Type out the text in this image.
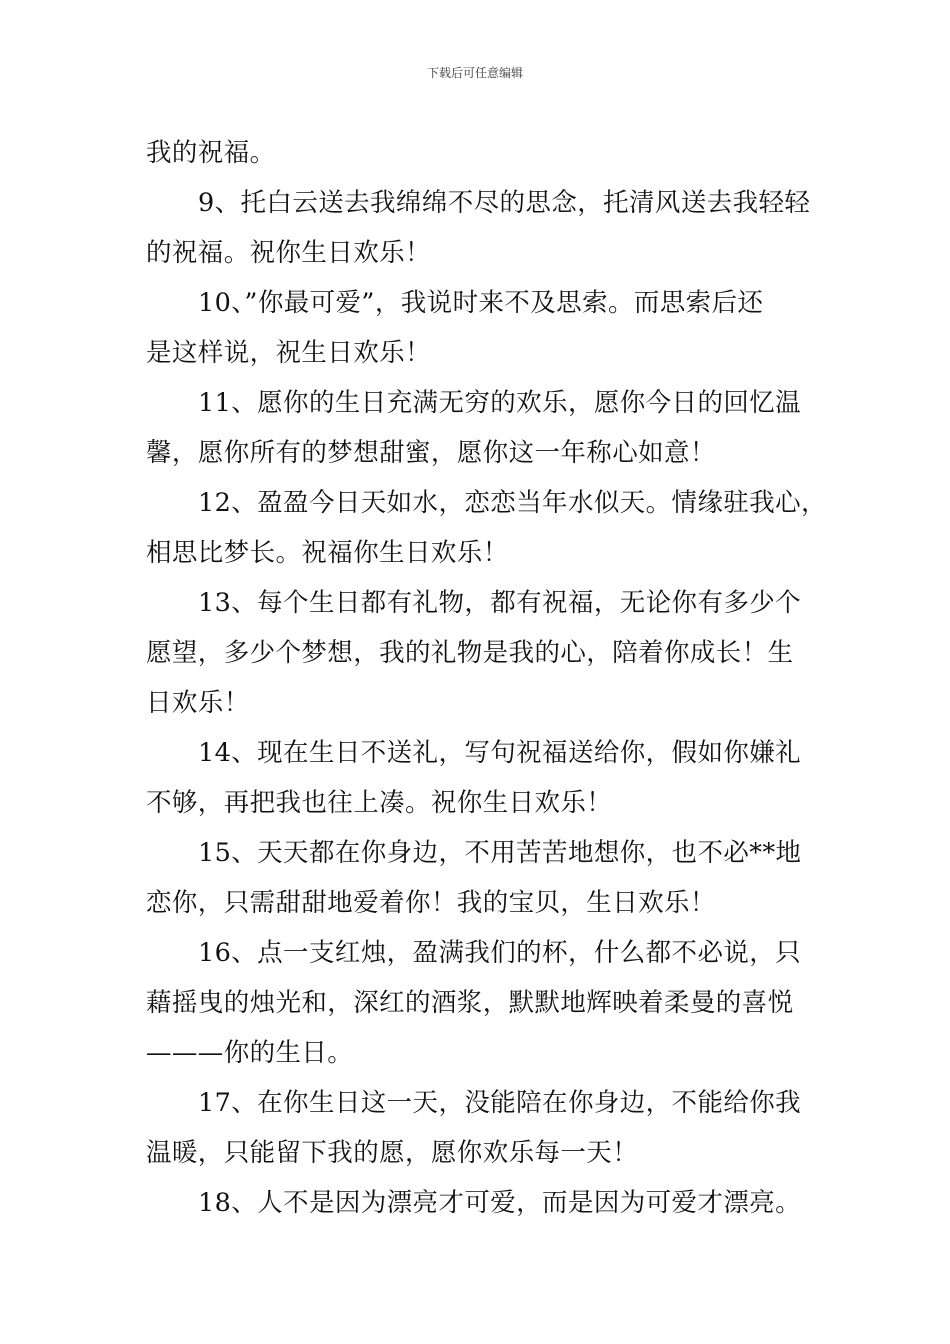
下载后可任意编辑
我的祝福。
9、托白云送去我绵绵不尽的思念，托清风送去我轻轻
的祝福。祝你生日欢乐！
10、”你最可爱”，我说时来不及思索。而思索后还
是这样说，祝生日欢乐！
11、愿你的生日充满无穷的欢乐，愿你今日的回忆温
馨，愿你所有的梦想甜蜜，愿你这一年称心如意！
12、盈盈今日天如水，恋恋当年水似天。情缘驻我心，
相思比梦长。祝福你生日欢乐！
13、每个生日都有礼物，都有祝福，无论你有多少个
愿望，多少个梦想，我的礼物是我的心，陪着你成长！生
日欢乐！
14、现在生日不送礼，写句祝福送给你，假如你嫌礼
不够，再把我也往上凑。祝你生日欢乐！
15、天天都在你身边，不用苦苦地想你，也不必**地
恋你，只需甜甜地爱着你！我的宝贝，生日欢乐！
16、点一支红烛，盈满我们的杯，什么都不必说，只
藉摇曳的烛光和，深红的酒浆，默默地辉映着柔曼的喜悦
———你的生日。
17、在你生日这一天，没能陪在你身边，不能给你我
温暖，只能留下我的愿，愿你欢乐每一天！
18、人不是因为漂亮才可爱，而是因为可爱才漂亮。
